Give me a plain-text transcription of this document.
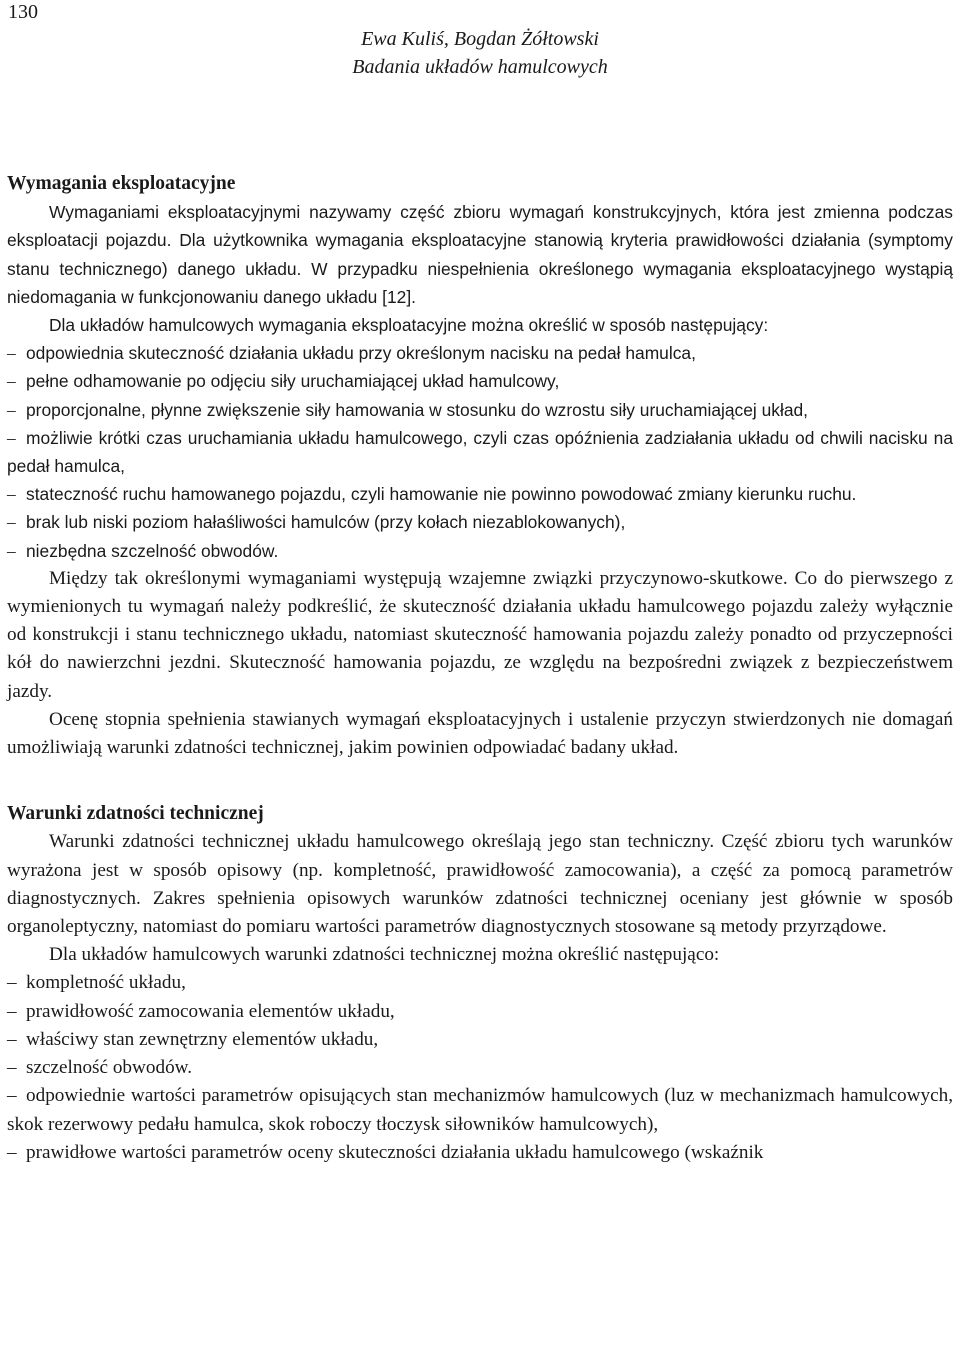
130
Ewa Kuliś, Bogdan Żółtowski
Badania układów hamulcowych
Wymagania eksploatacyjne

Wymaganiami eksploatacyjnymi nazywamy część zbioru wymagań konstrukcyjnych, która jest zmienna podczas eksploatacji pojazdu. Dla użytkownika wymagania eksploatacyjne stanowią kryteria prawidłowości działania (symptomy stanu technicznego) danego układu. W przypadku niespełnienia określonego wymagania eksploatacyjnego wystąpią niedomagania w funkcjonowaniu danego układu [12].

Dla układów hamulcowych wymagania eksploatacyjne można określić w sposób następujący:

– odpowiednia skuteczność działania układu przy określonym nacisku na pedał hamulca,
– pełne odhamowanie po odjęciu siły uruchamiającej układ hamulcowy,
– proporcjonalne, płynne zwiększenie siły hamowania w stosunku do wzrostu siły uruchamiającej układ,
– możliwie krótki czas uruchamiania układu hamulcowego, czyli czas opóźnienia zadziałania układu od chwili nacisku na pedał hamulca,
– stateczność ruchu hamowanego pojazdu, czyli hamowanie nie powinno powodować zmiany kierunku ruchu.
– brak lub niski poziom hałaśliwości hamulców (przy kołach niezablokowanych),
– niezbędna szczelność obwodów.

Między tak określonymi wymaganiami występują wzajemne związki przyczynowo-skutkowe. Co do pierwszego z wymienionych tu wymagań należy podkreślić, że skuteczność działania układu hamulcowego pojazdu zależy wyłącznie od konstrukcji i stanu technicznego układu, natomiast skuteczność hamowania pojazdu zależy ponadto od przyczepności kół do nawierzchni jezdni. Skuteczność hamowania pojazdu, ze względu na bezpośredni związek z bezpieczeństwem jazdy.

Ocenę stopnia spełnienia stawianych wymagań eksploatacyjnych i ustalenie przyczyn stwierdzonych nie domagań umożliwiają warunki zdatności technicznej, jakim powinien odpowiadać badany układ.

Warunki zdatności technicznej

Warunki zdatności technicznej układu hamulcowego określają jego stan techniczny. Część zbioru tych warunków wyrażona jest w sposób opisowy (np. kompletność, prawidłowość zamocowania), a część za pomocą parametrów diagnostycznych. Zakres spełnienia opisowych warunków zdatności technicznej oceniany jest głównie w sposób organoleptyczny, natomiast do pomiaru wartości parametrów diagnostycznych stosowane są metody przyrządowe.

Dla układów hamulcowych warunki zdatności technicznej można określić następująco:

– kompletność układu,
– prawidłowość zamocowania elementów układu,
– właściwy stan zewnętrzny elementów układu,
– szczelność obwodów.
– odpowiednie wartości parametrów opisujących stan mechanizmów hamulcowych (luz w mechanizmach hamulcowych, skok rezerwowy pedału hamulca, skok roboczy tłoczysk siłowników hamulcowych),
– prawidłowe wartości parametrów oceny skuteczności działania układu hamulcowego (wskaźnik
